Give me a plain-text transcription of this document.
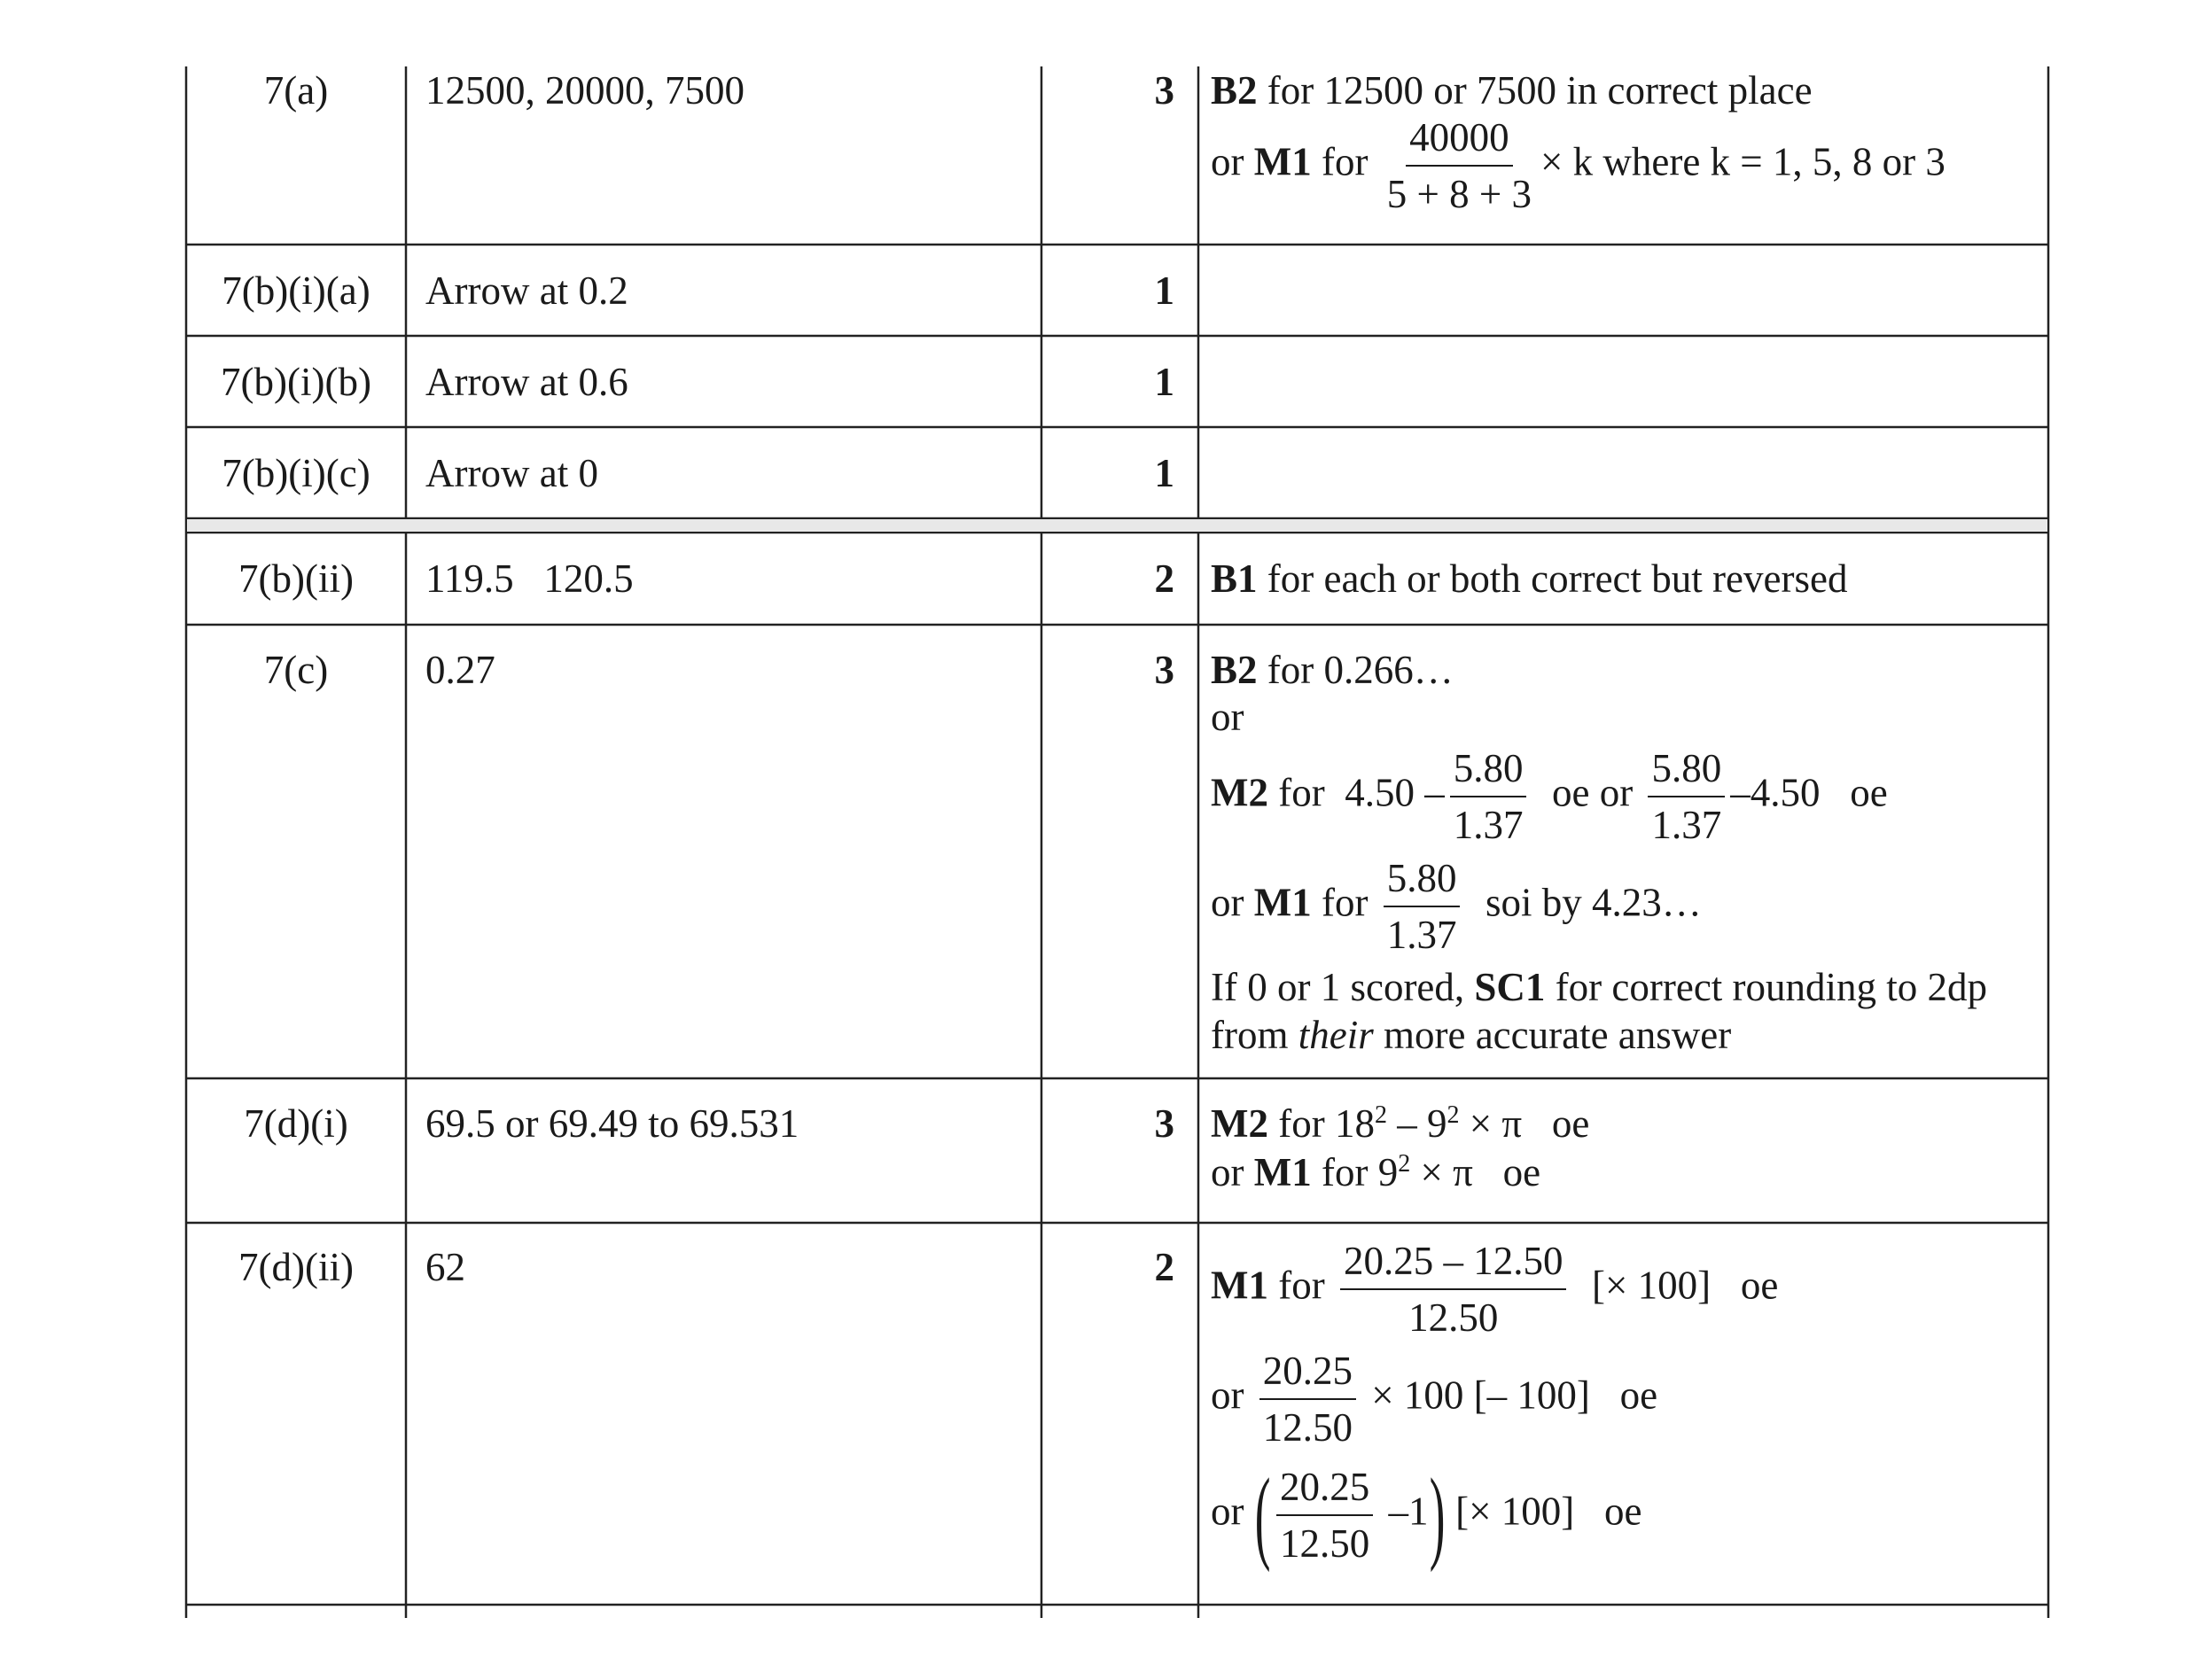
7(a)	12500, 20000, 7500	3 B2 for 12500 or 7500 in correct place
or M1 for $\frac{40000}{5 + 8 + 3} \times k$ where k = 1, 5, 8 or 3
7(b)(i)(a)	Arrow at 0.2	1
7(b)(i)(b)	Arrow at 0.6	1
7(b)(i)(c)	Arrow at 0	1
7(b)(ii)	119.5   120.5	2 B1 for each or both correct but reversed
7(c)	0.27	3 B2 for 0.266…
or
M2 for  $4.50 - \frac{5.80}{1.37}$ oe or $\frac{5.80}{1.37} -4.50$   oe
or M1 for $\frac{5.80}{1.37}$ soi by 4.23…
If 0 or 1 scored, SC1 for correct rounding to 2dp
from their more accurate answer
7(d)(i)	69.5 or 69.49 to 69.531	3 M2 for $18^2 - 9^2 \times \pi$   oe
or M1 for $9^2 \times \pi$   oe
7(d)(ii)	62	2 M1 for $\frac{20.25 - 12.50}{12.50}$ [× 100]   oe
or $\frac{20.25}{12.50} \times 100$ [– 100]   oe
or ( $\frac{20.25}{12.50} -1$) [× 100]   oe
